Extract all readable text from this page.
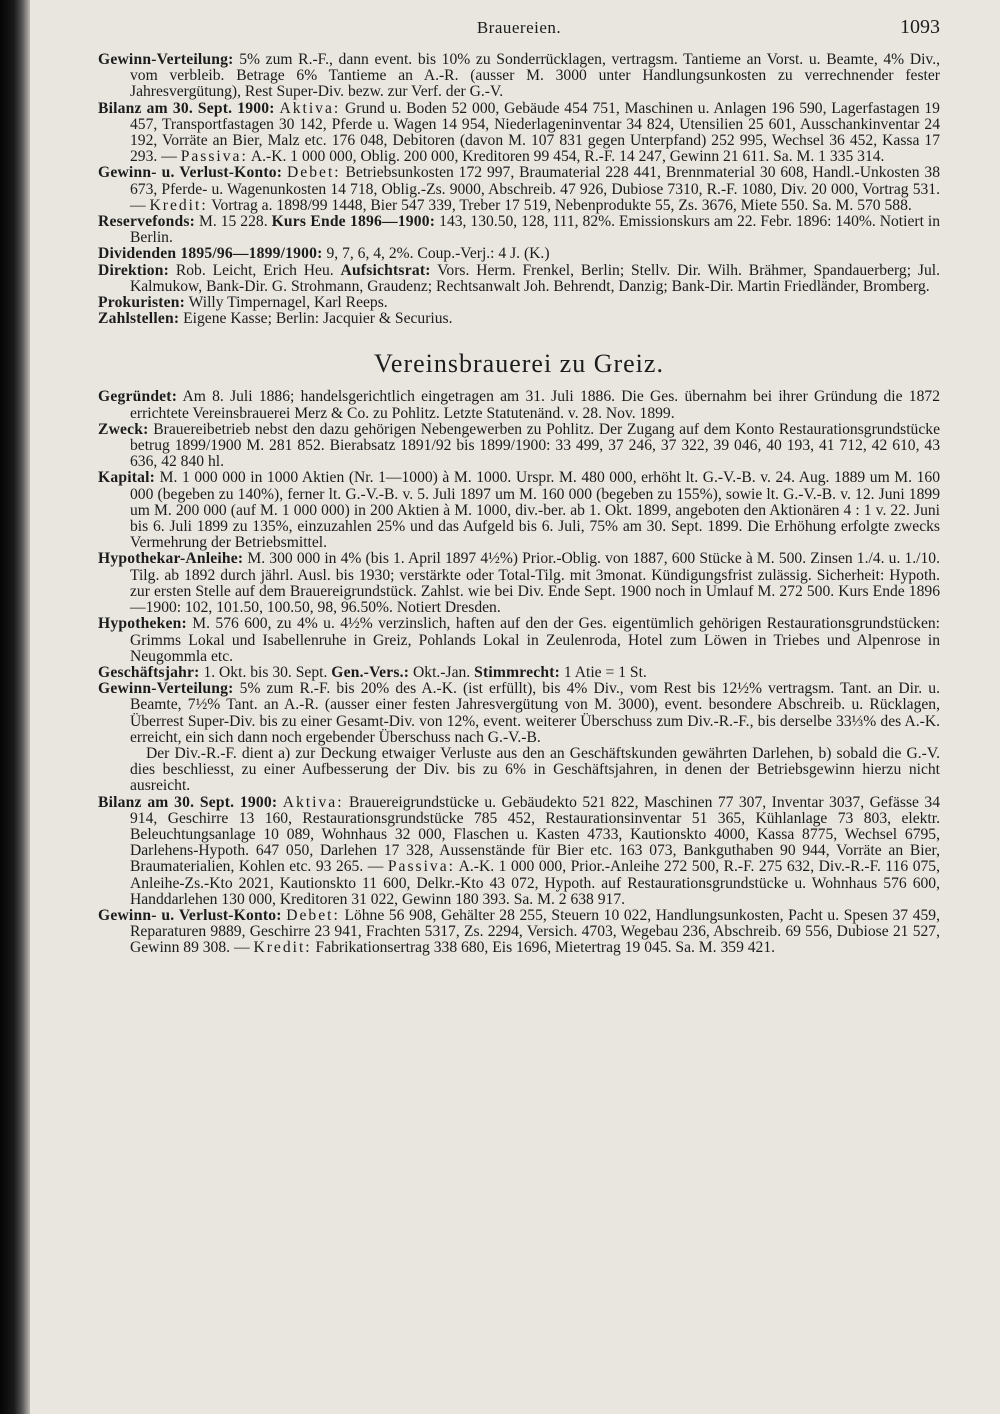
Brauereien.	1093

Gewinn-Verteilung: 5% zum R.-F., dann event. bis 10% zu Sonderrücklagen, vertragsm. Tantieme an Vorst. u. Beamte, 4% Div., vom verbleib. Betrage 6% Tantieme an A.-R. (ausser M. 3000 unter Handlungsunkosten zu verrechnender fester Jahresvergütung), Rest Super-Div. bezw. zur Verf. der G.-V.

Bilanz am 30. Sept. 1900: Aktiva: Grund u. Boden 52 000, Gebäude 454 751, Maschinen u. Anlagen 196 590, Lagerfastagen 19 457, Transportfastagen 30 142, Pferde u. Wagen 14 954, Niederlageninventar 34 824, Utensilien 25 601, Ausschankinventar 24 192, Vorräte an Bier, Malz etc. 176 048, Debitoren (davon M. 107 831 gegen Unterpfand) 252 995, Wechsel 36 452, Kassa 17 293. — Passiva: A.-K. 1 000 000, Oblig. 200 000, Kreditoren 99 454, R.-F. 14 247, Gewinn 21 611. Sa. M. 1 335 314.

Gewinn- u. Verlust-Konto: Debet: Betriebsunkosten 172 997, Braumaterial 228 441, Brennmaterial 30 608, Handl.-Unkosten 38 673, Pferde- u. Wagenunkosten 14 718, Oblig.-Zs. 9000, Abschreib. 47 926, Dubiose 7310, R.-F. 1080, Div. 20 000, Vortrag 531. — Kredit: Vortrag a. 1898/99 1448, Bier 547 339, Treber 17 519, Nebenprodukte 55, Zs. 3676, Miete 550. Sa. M. 570 588.

Reservefonds: M. 15 228. Kurs Ende 1896—1900: 143, 130.50, 128, 111, 82%. Emissionskurs am 22. Febr. 1896: 140%. Notiert in Berlin.

Dividenden 1895/96—1899/1900: 9, 7, 6, 4, 2%. Coup.-Verj.: 4 J. (K.)

Direktion: Rob. Leicht, Erich Heu. Aufsichtsrat: Vors. Herm. Frenkel, Berlin; Stellv. Dir. Wilh. Brähmer, Spandauerberg; Jul. Kalmukow, Bank-Dir. G. Strohmann, Graudenz; Rechtsanwalt Joh. Behrendt, Danzig; Bank-Dir. Martin Friedländer, Bromberg.

Prokuristen: Willy Timpernagel, Karl Reeps.

Zahlstellen: Eigene Kasse; Berlin: Jacquier & Securius.

Vereinsbrauerei zu Greiz.

Gegründet: Am 8. Juli 1886; handelsgerichtlich eingetragen am 31. Juli 1886. Die Ges. übernahm bei ihrer Gründung die 1872 errichtete Vereinsbrauerei Merz & Co. zu Pohlitz. Letzte Statutenänd. v. 28. Nov. 1899.

Zweck: Brauereibetrieb nebst den dazu gehörigen Nebengewerben zu Pohlitz. Der Zugang auf dem Konto Restaurationsgrundstücke betrug 1899/1900 M. 281 852. Bierabsatz 1891/92 bis 1899/1900: 33 499, 37 246, 37 322, 39 046, 40 193, 41 712, 42 610, 43 636, 42 840 hl.

Kapital: M. 1 000 000 in 1000 Aktien (Nr. 1—1000) à M. 1000. Urspr. M. 480 000, erhöht lt. G.-V.-B. v. 24. Aug. 1889 um M. 160 000 (begeben zu 140%), ferner lt. G.-V.-B. v. 5. Juli 1897 um M. 160 000 (begeben zu 155%), sowie lt. G.-V.-B. v. 12. Juni 1899 um M. 200 000 (auf M. 1 000 000) in 200 Aktien à M. 1000, div.-ber. ab 1. Okt. 1899, angeboten den Aktionären 4 : 1 v. 22. Juni bis 6. Juli 1899 zu 135%, einzuzahlen 25% und das Aufgeld bis 6. Juli, 75% am 30. Sept. 1899. Die Erhöhung erfolgte zwecks Vermehrung der Betriebsmittel.

Hypothekar-Anleihe: M. 300 000 in 4% (bis 1. April 1897 4½%) Prior.-Oblig. von 1887, 600 Stücke à M. 500. Zinsen 1./4. u. 1./10. Tilg. ab 1892 durch jährl. Ausl. bis 1930; verstärkte oder Total-Tilg. mit 3monat. Kündigungsfrist zulässig. Sicherheit: Hypoth. zur ersten Stelle auf dem Brauereigrundstück. Zahlst. wie bei Div. Ende Sept. 1900 noch in Umlauf M. 272 500. Kurs Ende 1896—1900: 102, 101.50, 100.50, 98, 96.50%. Notiert Dresden.

Hypotheken: M. 576 600, zu 4% u. 4½% verzinslich, haften auf den der Ges. eigentümlich gehörigen Restaurationsgrundstücken: Grimms Lokal und Isabellenruhe in Greiz, Pohlands Lokal in Zeulenroda, Hotel zum Löwen in Triebes und Alpenrose in Neugommla etc.

Geschäftsjahr: 1. Okt. bis 30. Sept. Gen.-Vers.: Okt.-Jan. Stimmrecht: 1 Atie = 1 St.

Gewinn-Verteilung: 5% zum R.-F. bis 20% des A.-K. (ist erfüllt), bis 4% Div., vom Rest bis 12½% vertragsm. Tant. an Dir. u. Beamte, 7½% Tant. an A.-R. (ausser einer festen Jahresvergütung von M. 3000), event. besondere Abschreib. u. Rücklagen, Überrest Super-Div. bis zu einer Gesamt-Div. von 12%, event. weiterer Überschuss zum Div.-R.-F., bis derselbe 33⅓% des A.-K. erreicht, ein sich dann noch ergebender Überschuss nach G.-V.-B.

Der Div.-R.-F. dient a) zur Deckung etwaiger Verluste aus den an Geschäftskunden gewährten Darlehen, b) sobald die G.-V. dies beschliesst, zu einer Aufbesserung der Div. bis zu 6% in Geschäftsjahren, in denen der Betriebsgewinn hierzu nicht ausreicht.

Bilanz am 30. Sept. 1900: Aktiva: Brauereigrundstücke u. Gebäudekto 521 822, Maschinen 77 307, Inventar 3037, Gefässe 34 914, Geschirre 13 160, Restaurationsgrundstücke 785 452, Restaurationsinventar 51 365, Kühlanlage 73 803, elektr. Beleuchtungsanlage 10 089, Wohnhaus 32 000, Flaschen u. Kasten 4733, Kautionskto 4000, Kassa 8775, Wechsel 6795, Darlehens-Hypoth. 647 050, Darlehen 17 328, Aussenstände für Bier etc. 163 073, Bankguthaben 90 944, Vorräte an Bier, Braumaterialien, Kohlen etc. 93 265. — Passiva: A.-K. 1 000 000, Prior.-Anleihe 272 500, R.-F. 275 632, Div.-R.-F. 116 075, Anleihe-Zs.-Kto 2021, Kautionskto 11 600, Delkr.-Kto 43 072, Hypoth. auf Restaurationsgrundstücke u. Wohnhaus 576 600, Handdarlehen 130 000, Kreditoren 31 022, Gewinn 180 393. Sa. M. 2 638 917.

Gewinn- u. Verlust-Konto: Debet: Löhne 56 908, Gehälter 28 255, Steuern 10 022, Handlungsunkosten, Pacht u. Spesen 37 459, Reparaturen 9889, Geschirre 23 941, Frachten 5317, Zs. 2294, Versich. 4703, Wegebau 236, Abschreib. 69 556, Dubiose 21 527, Gewinn 89 308. — Kredit: Fabrikationsertrag 338 680, Eis 1696, Mietertrag 19 045. Sa. M. 359 421.
